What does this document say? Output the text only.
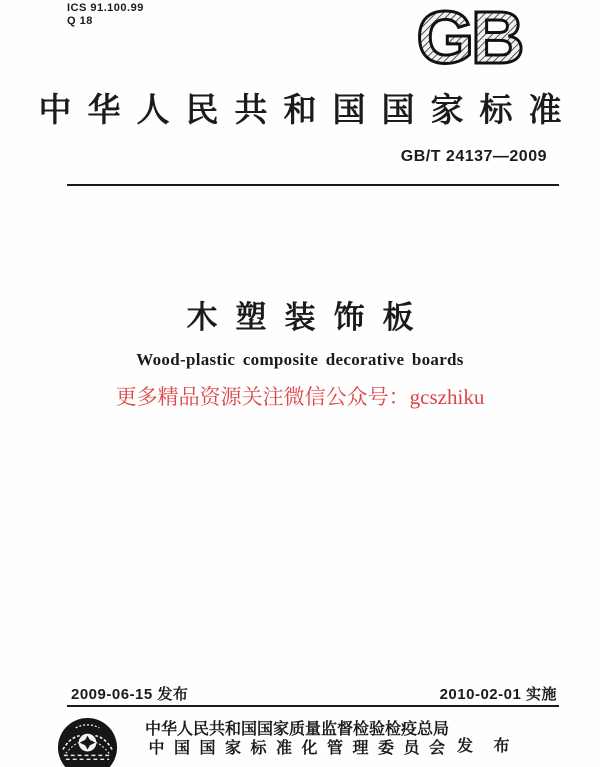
ICS 91.100.99
Q 18	GB
中华人民共和国国家标准
GB/T 24137—2009
木塑装饰板
Wood-plastic composite decorative boards
更多精品资源关注微信公众号：gcszhiku
2009-06-15 发布	2010-02-01 实施
中华人民共和国国家质量监督检验检疫总局
中国国家标准化管理委员会 发 布
